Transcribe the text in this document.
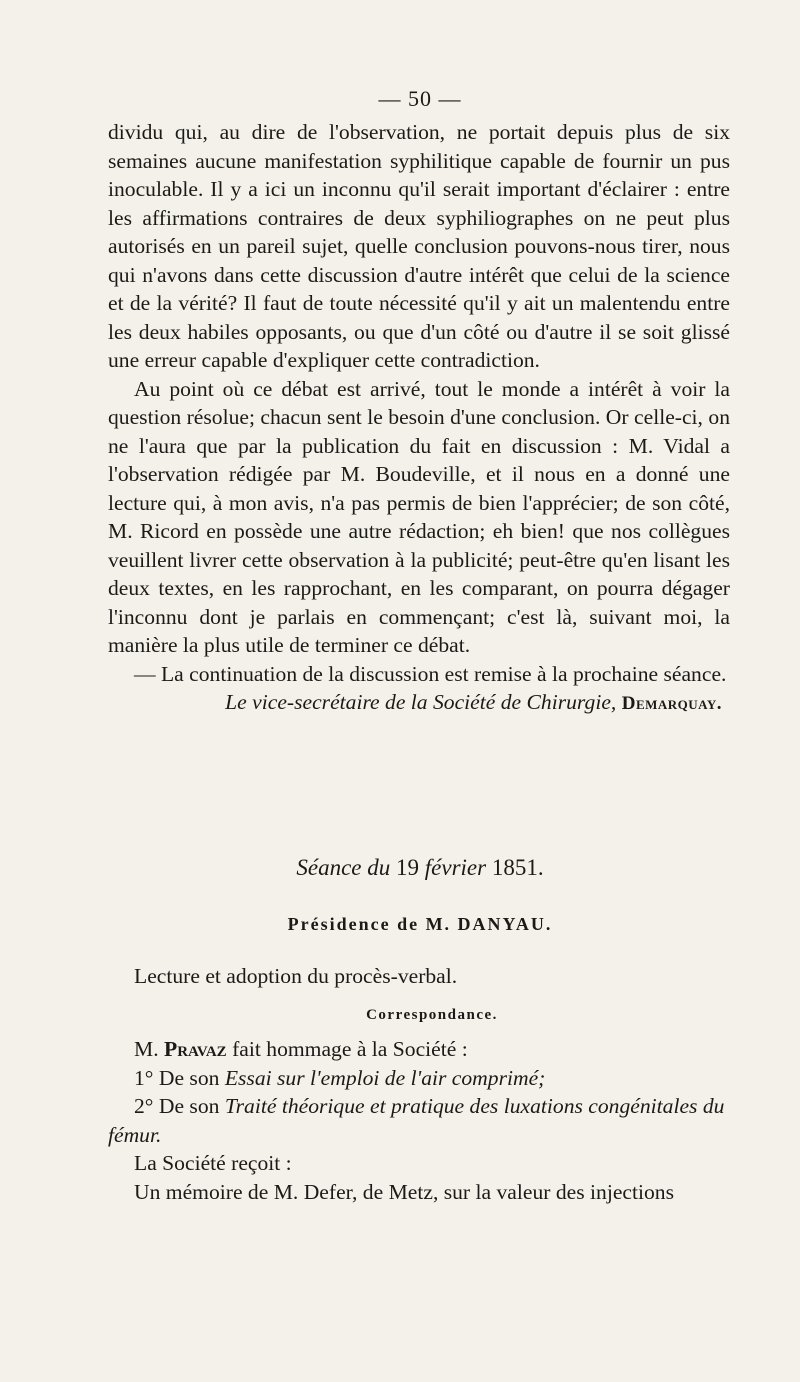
— 50 —

dividu qui, au dire de l'observation, ne portait depuis plus de six semaines aucune manifestation syphilitique capable de fournir un pus inoculable. Il y a ici un inconnu qu'il serait important d'éclairer : entre les affirmations contraires de deux syphiliographes on ne peut plus autorisés en un pareil sujet, quelle conclusion pouvons-nous tirer, nous qui n'avons dans cette discussion d'autre intérêt que celui de la science et de la vérité? Il faut de toute nécessité qu'il y ait un malentendu entre les deux habiles opposants, ou que d'un côté ou d'autre il se soit glissé une erreur capable d'expliquer cette contradiction.

Au point où ce débat est arrivé, tout le monde a intérêt à voir la question résolue; chacun sent le besoin d'une conclusion. Or celle-ci, on ne l'aura que par la publication du fait en discussion : M. Vidal a l'observation rédigée par M. Boudeville, et il nous en a donné une lecture qui, à mon avis, n'a pas permis de bien l'apprécier; de son côté, M. Ricord en possède une autre rédaction; eh bien! que nos collègues veuillent livrer cette observation à la publicité; peut-être qu'en lisant les deux textes, en les rapprochant, en les comparant, on pourra dégager l'inconnu dont je parlais en commençant; c'est là, suivant moi, la manière la plus utile de terminer ce débat.

— La continuation de la discussion est remise à la prochaine séance.

Le vice-secrétaire de la Société de Chirurgie, Demarquay.

Séance du 19 février 1851.
Présidence de M. DANYAU.

Lecture et adoption du procès-verbal.

Correspondance.

M. Pravaz fait hommage à la Société :

1° De son Essai sur l'emploi de l'air comprimé;

2° De son Traité théorique et pratique des luxations congénitales du fémur.

La Société reçoit :

Un mémoire de M. Defer, de Metz, sur la valeur des injections
